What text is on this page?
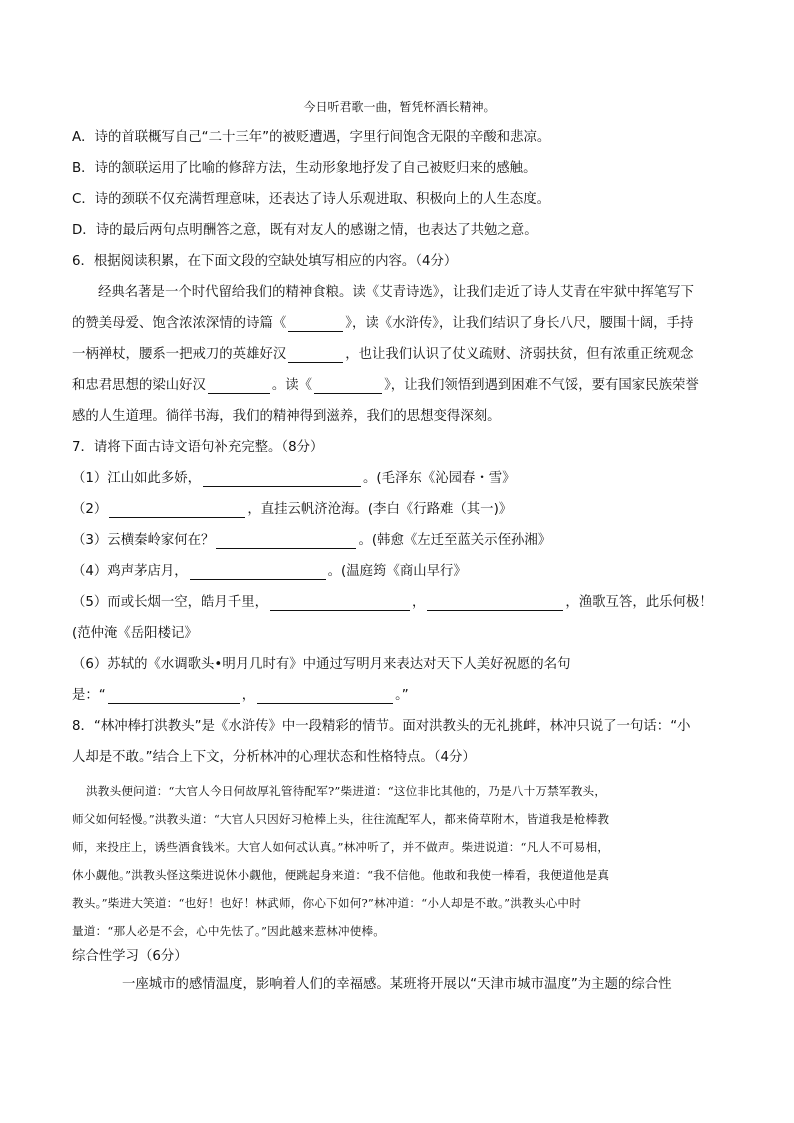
今日听君歌一曲，暂凭杯酒长精神。
A．诗的首联概写自己“二十三年”的被贬遭遇，字里行间饱含无限的辛酸和悲凉。
B．诗的颔联运用了比喻的修辞方法，生动形象地抒发了自己被贬归来的感触。
C．诗的颈联不仅充满哲理意味，还表达了诗人乐观进取、积极向上的人生态度。
D．诗的最后两句点明酬答之意，既有对友人的感谢之情，也表达了共勉之意。
6．根据阅读积累，在下面文段的空缺处填写相应的内容。（4分）
经典名著是一个时代留给我们的精神食粮。读《艾青诗选》，让我们走近了诗人艾青在牢狱中挥笔写下
的赞美母爱、饱含浓浓深情的诗篇《	》，读《水浒传》，让我们结识了身长八尺，腰围十阔，手持
一柄禅杖，腰系一把戒刀的英雄好汉	，也让我们认识了仗义疏财、济弱扶贫，但有浓重正统观念
和忠君思想的梁山好汉	。读《	》，让我们领悟到遇到困难不气馁，要有国家民族荣誉
感的人生道理。徜徉书海，我们的精神得到滋养，我们的思想变得深刻。
7．请将下面古诗文语句补充完整。（8分）
（1）江山如此多娇，	。(毛泽东《沁园春・雪》
（2）	，直挂云帆济沧海。(李白《行路难（其一)》
（3）云横秦岭家何在？	。(韩愈《左迁至蓝关示侄孙湘》
（4）鸡声茅店月，	。(温庭筠《商山早行》
（5）而或长烟一空，皓月千里，	，	，渔歌互答，此乐何极！
(范仲淹《岳阳楼记》
（6）苏轼的《水调歌头•明月几时有》中通过写明月来表达对天下人美好祝愿的名句
是：“	，	。”
8．“林冲棒打洪教头”是《水浒传》中一段精彩的情节。面对洪教头的无礼挑衅，林冲只说了一句话：“小
人却是不敢。”结合上下文，分析林冲的心理状态和性格特点。（4分）
洪教头便问道：“大官人今日何故厚礼管待配军?”柴进道：“这位非比其他的，乃是八十万禁军教头，
师父如何轻慢。”洪教头道：“大官人只因好习枪棒上头，往往流配军人，都来倚草附木，皆道我是枪棒教
师，来投庄上，诱些酒食钱米。大官人如何忒认真。”林冲听了，并不做声。柴进说道：“凡人不可易相，
休小觑他。”洪教头怪这柴进说休小觑他，便跳起身来道：“我不信他。他敢和我使一棒看，我便道他是真
教头。”柴进大笑道：“也好！也好！林武师，你心下如何?”林冲道：“小人却是不敢。”洪教头心中时
量道：“那人必是不会，心中先怯了。”因此越来惹林冲使棒。
综合性学习（6分）
一座城市的感情温度，影响着人们的幸福感。某班将开展以“天津市城市温度”为主题的综合性
